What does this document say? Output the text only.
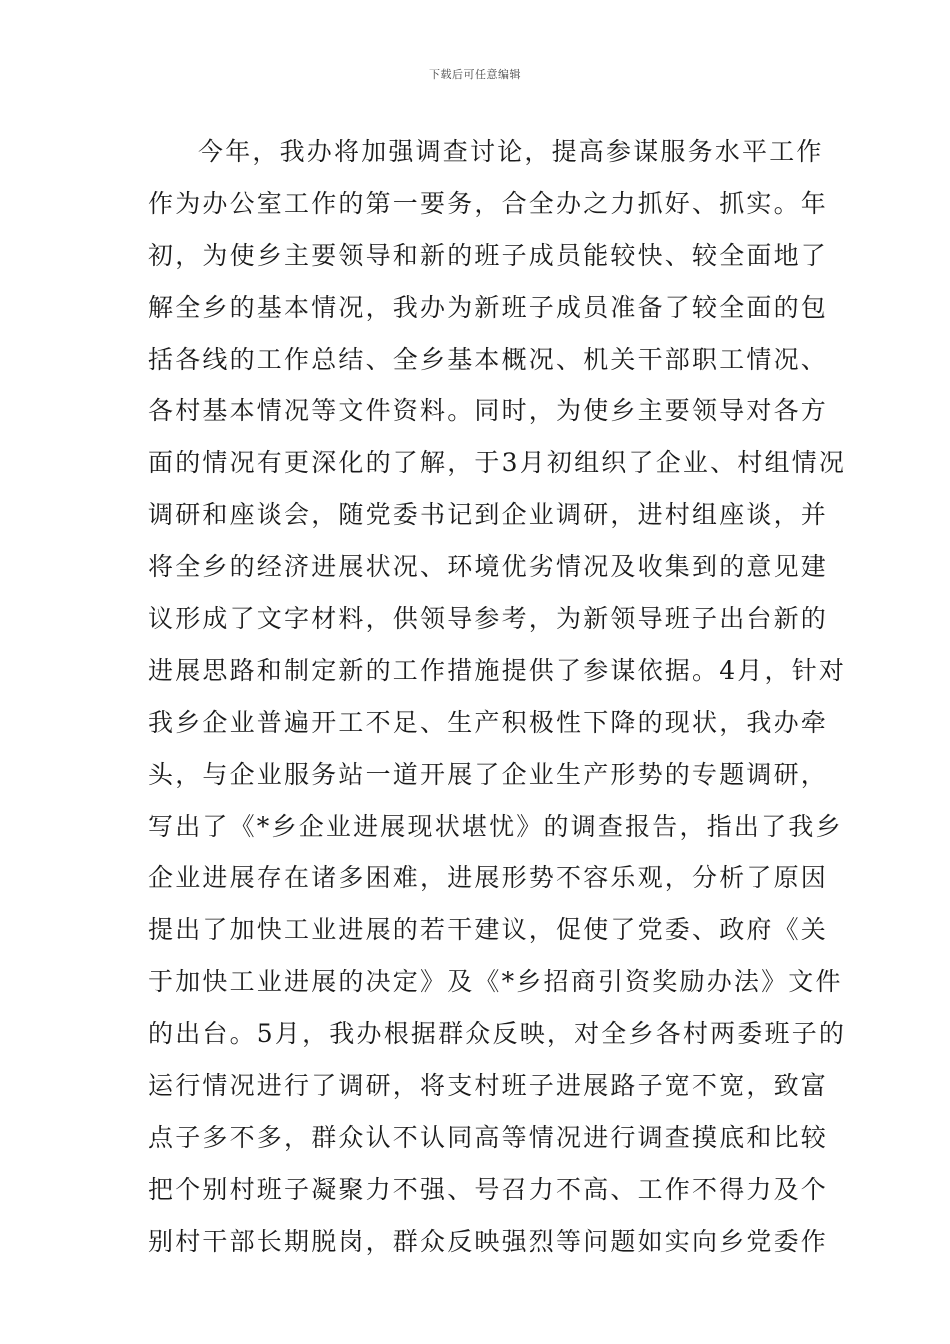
下载后可任意编辑
今年，我办将加强调查讨论，提高参谋服务水平工作
作为办公室工作的第一要务，合全办之力抓好、抓实。年
初，为使乡主要领导和新的班子成员能较快、较全面地了
解全乡的基本情况，我办为新班子成员准备了较全面的包
括各线的工作总结、全乡基本概况、机关干部职工情况、
各村基本情况等文件资料。同时，为使乡主要领导对各方
面的情况有更深化的了解，于3月初组织了企业、村组情况
调研和座谈会，随党委书记到企业调研，进村组座谈，并
将全乡的经济进展状况、环境优劣情况及收集到的意见建
议形成了文字材料，供领导参考，为新领导班子出台新的
进展思路和制定新的工作措施提供了参谋依据。4月，针对
我乡企业普遍开工不足、生产积极性下降的现状，我办牵
头，与企业服务站一道开展了企业生产形势的专题调研，
写出了《*乡企业进展现状堪忧》的调查报告，指出了我乡
企业进展存在诸多困难，进展形势不容乐观，分析了原因
提出了加快工业进展的若干建议，促使了党委、政府《关
于加快工业进展的决定》及《*乡招商引资奖励办法》文件
的出台。5月，我办根据群众反映，对全乡各村两委班子的
运行情况进行了调研，将支村班子进展路子宽不宽，致富
点子多不多，群众认不认同高等情况进行调查摸底和比较
把个别村班子凝聚力不强、号召力不高、工作不得力及个
别村干部长期脱岗，群众反映强烈等问题如实向乡党委作
